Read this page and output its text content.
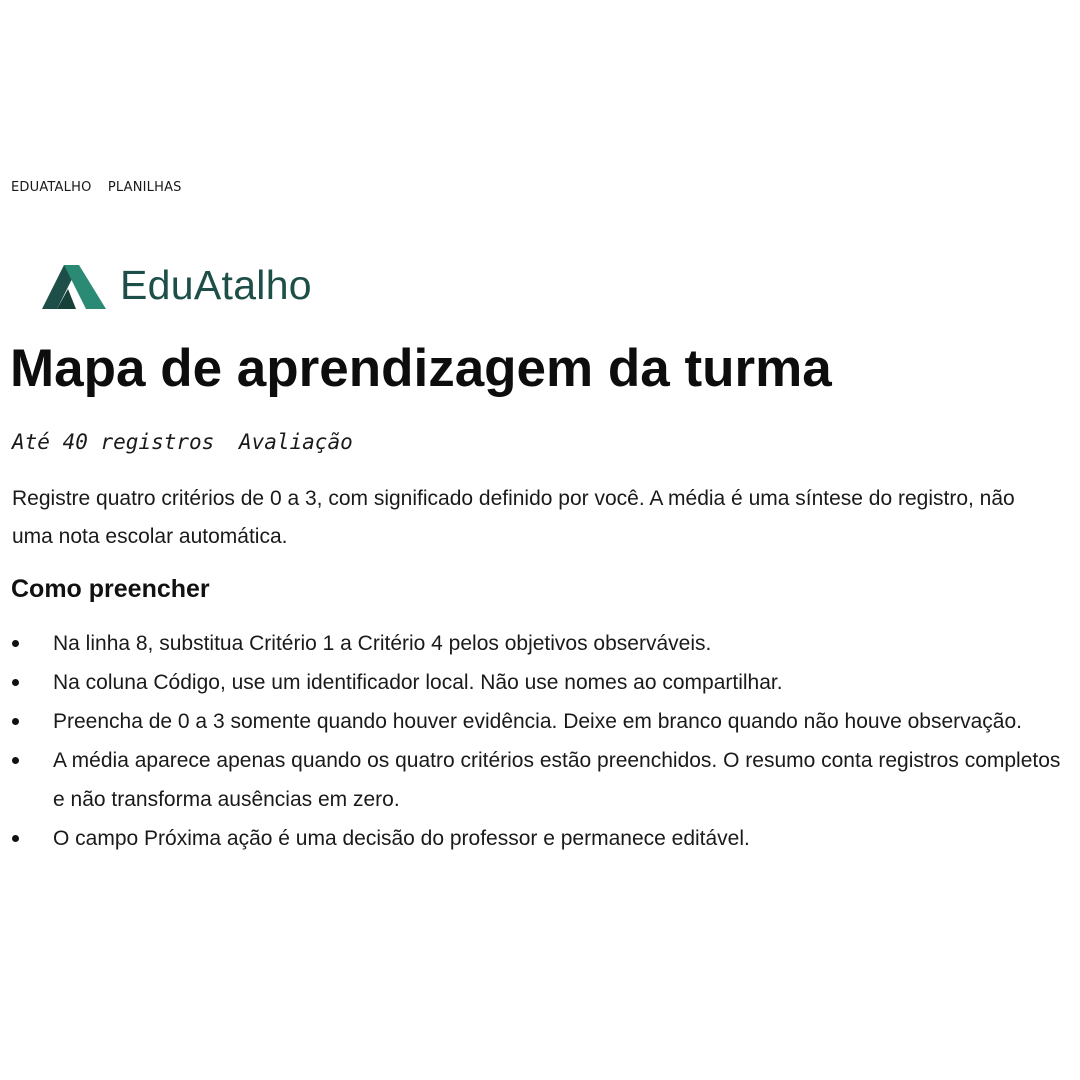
EDUATALHO PLANILHAS
EduAtalho
Mapa de aprendizagem da turma
Até 40 registros Avaliação

Registre quatro critérios de 0 a 3, com significado definido por você. A média é uma síntese do registro, não uma nota escolar automática.

Como preencher
Na linha 8, substitua Critério 1 a Critério 4 pelos objetivos observáveis.
Na coluna Código, use um identificador local. Não use nomes ao compartilhar.
Preencha de 0 a 3 somente quando houver evidência. Deixe em branco quando não houve observação.
A média aparece apenas quando os quatro critérios estão preenchidos. O resumo conta registros completos e não transforma ausências em zero.
O campo Próxima ação é uma decisão do professor e permanece editável.
